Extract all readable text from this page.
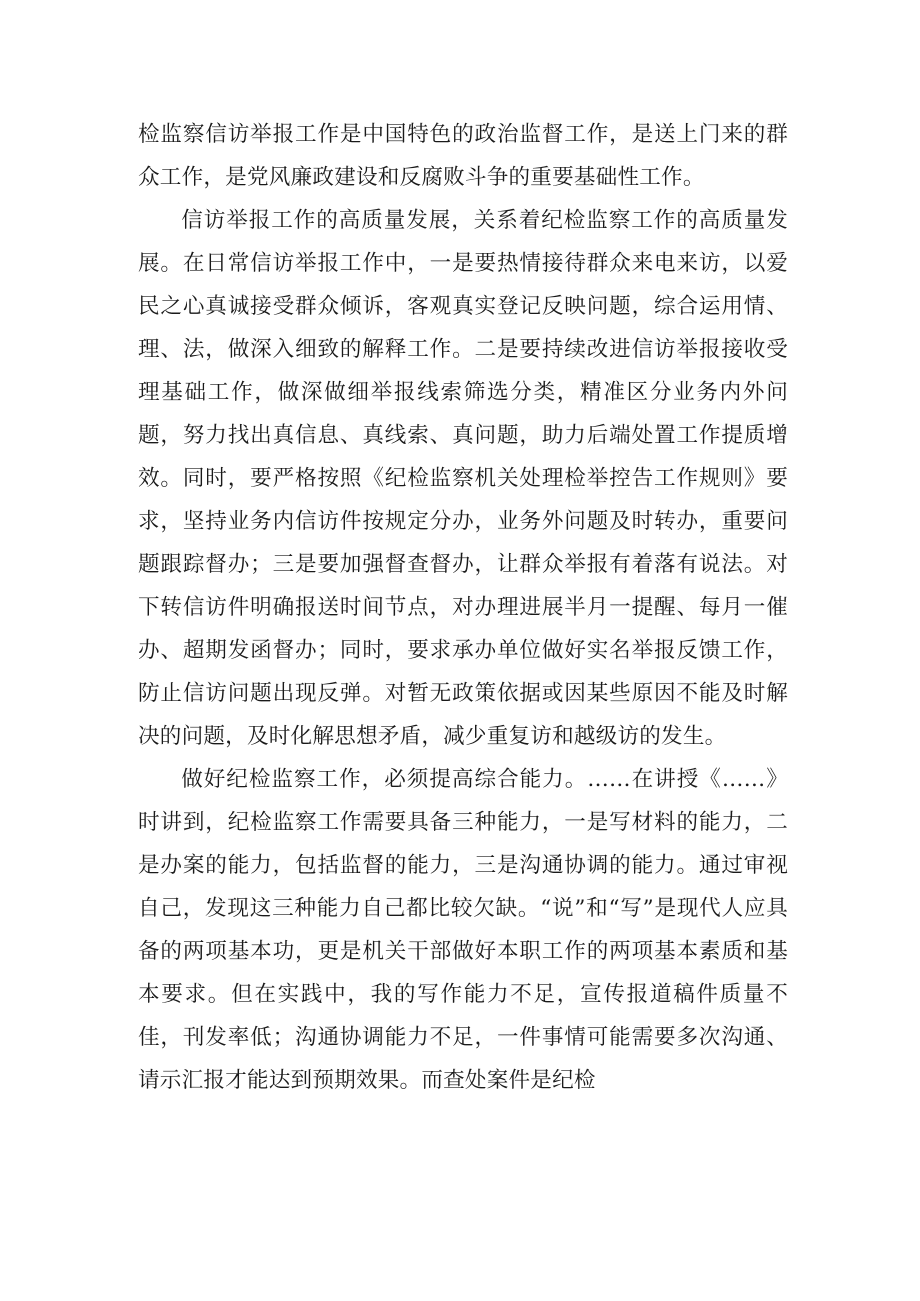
检监察信访举报工作是中国特色的政治监督工作，是送上门来的群众工作，是党风廉政建设和反腐败斗争的重要基础性工作。

信访举报工作的高质量发展，关系着纪检监察工作的高质量发展。在日常信访举报工作中，一是要热情接待群众来电来访，以爱民之心真诚接受群众倾诉，客观真实登记反映问题，综合运用情、理、法，做深入细致的解释工作。二是要持续改进信访举报接收受理基础工作，做深做细举报线索筛选分类，精准区分业务内外问题，努力找出真信息、真线索、真问题，助力后端处置工作提质增效。同时，要严格按照《纪检监察机关处理检举控告工作规则》要求，坚持业务内信访件按规定分办，业务外问题及时转办，重要问题跟踪督办；三是要加强督查督办，让群众举报有着落有说法。对下转信访件明确报送时间节点，对办理进展半月一提醒、每月一催办、超期发函督办；同时，要求承办单位做好实名举报反馈工作，防止信访问题出现反弹。对暂无政策依据或因某些原因不能及时解决的问题，及时化解思想矛盾，减少重复访和越级访的发生。

做好纪检监察工作，必须提高综合能力。……在讲授《……》时讲到，纪检监察工作需要具备三种能力，一是写材料的能力，二是办案的能力，包括监督的能力，三是沟通协调的能力。通过审视自己，发现这三种能力自己都比较欠缺。“说”和“写”是现代人应具备的两项基本功，更是机关干部做好本职工作的两项基本素质和基本要求。但在实践中，我的写作能力不足，宣传报道稿件质量不佳，刊发率低；沟通协调能力不足，一件事情可能需要多次沟通、请示汇报才能达到预期效果。而查处案件是纪检
